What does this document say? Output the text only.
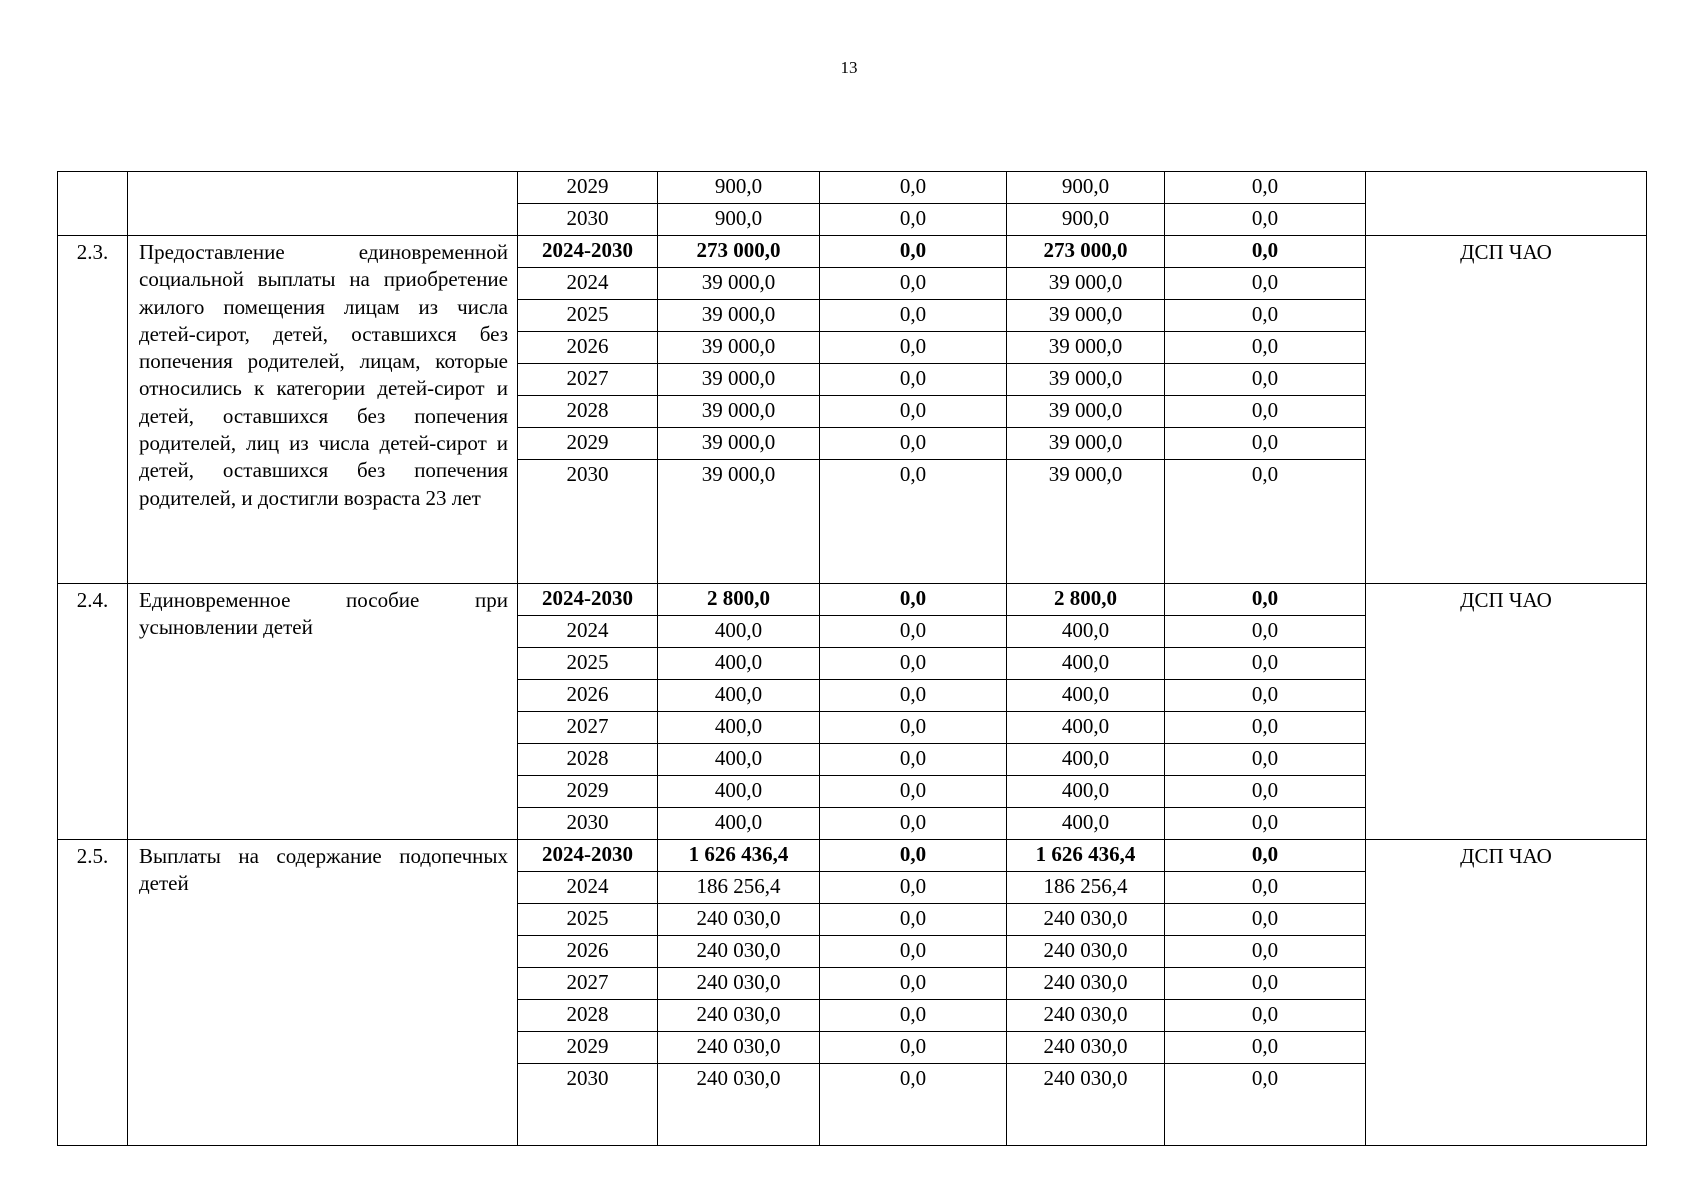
13
		2029	900,0	0,0	900,0	0,0	
		2030	900,0	0,0	900,0	0,0	
2.3.	Предоставление единовременной социальной выплаты на приобретение жилого помещения лицам из числа детей-сирот, детей, оставшихся без попечения родителей, лицам, которые относились к категории детей-сирот и детей, оставшихся без попечения родителей, лиц из числа детей-сирот и детей, оставшихся без попечения родителей, и достигли возраста 23 лет	2024-2030	273 000,0	0,0	273 000,0	0,0	ДСП ЧАО
		2024	39 000,0	0,0	39 000,0	0,0	
		2025	39 000,0	0,0	39 000,0	0,0	
		2026	39 000,0	0,0	39 000,0	0,0	
		2027	39 000,0	0,0	39 000,0	0,0	
		2028	39 000,0	0,0	39 000,0	0,0	
		2029	39 000,0	0,0	39 000,0	0,0	
		2030	39 000,0	0,0	39 000,0	0,0	

2.4.	Единовременное пособие при усыновлении детей	2024-2030	2 800,0	0,0	2 800,0	0,0	ДСП ЧАО
		2024	400,0	0,0	400,0	0,0	
		2025	400,0	0,0	400,0	0,0	
		2026	400,0	0,0	400,0	0,0	
		2027	400,0	0,0	400,0	0,0	
		2028	400,0	0,0	400,0	0,0	
		2029	400,0	0,0	400,0	0,0	
		2030	400,0	0,0	400,0	0,0	
2.5.	Выплаты на содержание подопечных детей	2024-2030	1 626 436,4	0,0	1 626 436,4	0,0	ДСП ЧАО
		2024	186 256,4	0,0	186 256,4	0,0	
		2025	240 030,0	0,0	240 030,0	0,0	
		2026	240 030,0	0,0	240 030,0	0,0	
		2027	240 030,0	0,0	240 030,0	0,0	
		2028	240 030,0	0,0	240 030,0	0,0	
		2029	240 030,0	0,0	240 030,0	0,0	
		2030	240 030,0	0,0	240 030,0	0,0	
